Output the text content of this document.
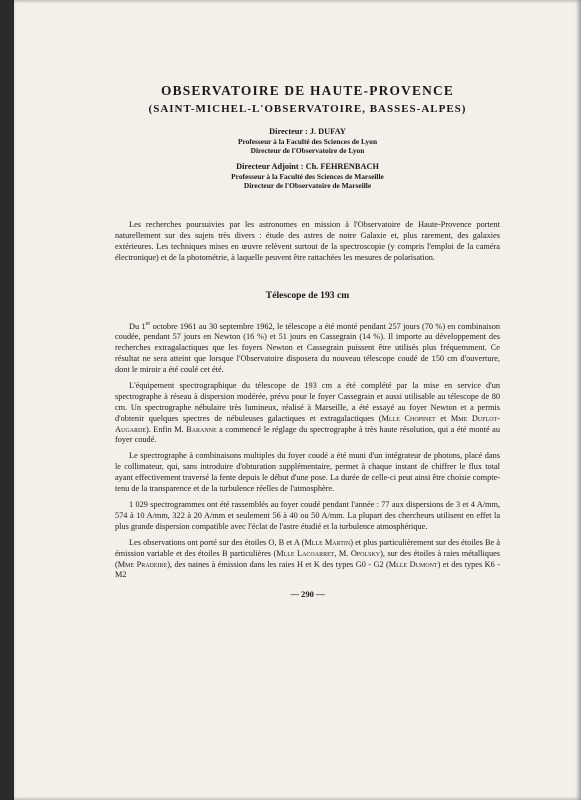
OBSERVATOIRE DE HAUTE-PROVENCE
(SAINT-MICHEL-L'OBSERVATOIRE, BASSES-ALPES)
Directeur : J. DUFAY
Professeur à la Faculté des Sciences de Lyon
Directeur de l'Observatoire de Lyon
Directeur Adjoint : Ch. FEHRENBACH
Professeur à la Faculté des Sciences de Marseille
Directeur de l'Observatoire de Marseille

Les recherches poursuivies par les astronomes en mission à l'Observatoire de Haute-Provence portent naturellement sur des sujets très divers : étude des astres de notre Galaxie et, plus rarement, des galaxies extérieures. Les techniques mises en œuvre relèvent surtout de la spectroscopie (y compris l'emploi de la caméra électronique) et de la photométrie, à laquelle peuvent être rattachées les mesures de polarisation.

Télescope de 193 cm

Du 1er octobre 1961 au 30 septembre 1962, le télescope a été monté pendant 257 jours (70 %) en combinaison coudée, pendant 57 jours en Newton (16 %) et 51 jours en Cassegrain (14 %). Il importe au développement des recherches extragalactiques que les foyers Newton et Cassegrain puissent être utilisés plus fréquemment. Ce résultat ne sera atteint que lorsque l'Observatoire disposera du nouveau télescope coudé de 150 cm d'ouverture, dont le miroir a été coulé cet été.

L'équipement spectrographique du télescope de 193 cm a été complété par la mise en service d'un spectrographe à réseau à dispersion modérée, prévu pour le foyer Cassegrain et aussi utilisable au télescope de 80 cm. Un spectrographe nébulaire très lumineux, réalisé à Marseille, a été essayé au foyer Newton et a permis d'obtenir quelques spectres de nébuleuses galactiques et extragalactiques (Mlle Chopinet et Mme Duflot-Augarde). Enfin M. Baranne a commencé le réglage du spectrographe à très haute résolution, qui a été monté au foyer coudé.

Le spectrographe à combinaisons multiples du foyer coudé a été muni d'un intégrateur de photons, placé dans le collimateur, qui, sans introduire d'obturation supplémentaire, permet à chaque instant de chiffrer le flux total ayant effectivement traversé la fente depuis le début d'une pose. La durée de celle-ci peut ainsi être choisie compte-tenu de la transparence et de la turbulence réelles de l'atmosphère.

1 029 spectrogrammes ont été rassemblés au foyer coudé pendant l'année : 77 aux dispersions de 3 et 4 A/mm, 574 à 10 A/mm, 322 à 20 A/mm et seulement 56 à 40 ou 50 A/mm. La plupart des chercheurs utilisent en effet la plus grande dispersion compatible avec l'éclat de l'astre étudié et la turbulence atmosphérique.

Les observations ont porté sur des étoiles O, B et A (Mlle Martin) et plus particulièrement sur des étoiles Be à émission variable et des étoiles B particulières (Mlle Lacoarret, M. Opolsky), sur des étoiles à raies métalliques (Mme Pradeire), des naines à émission dans les raies H et K des types G0 - G2 (Mlle Dumont) et des types K6 - M2

— 290 —
